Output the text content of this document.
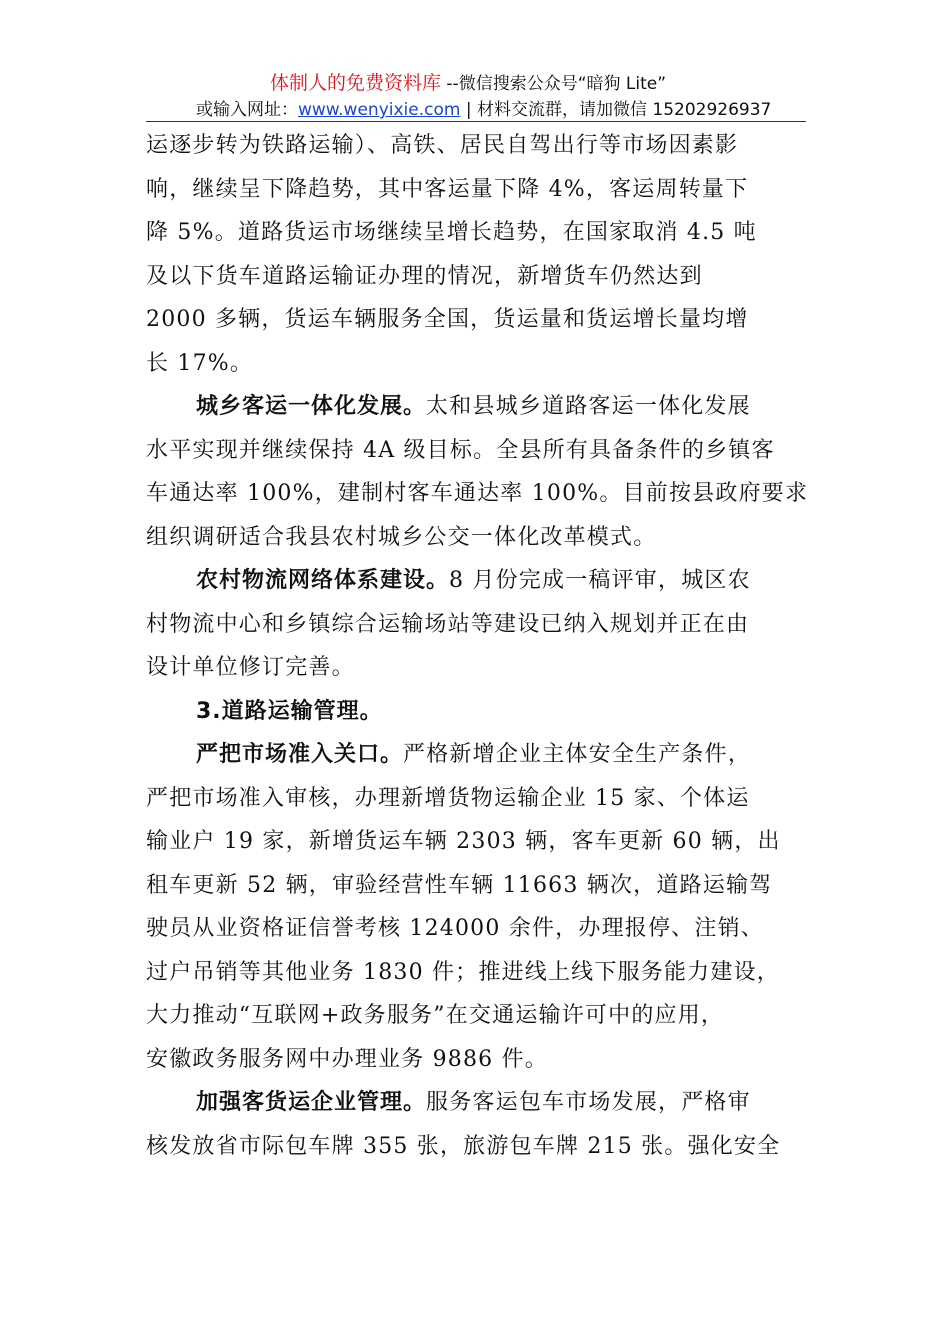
体制人的免费资料库 --微信搜索公众号“暗狗 Lite”
或输入网址：www.wenyixie.com | 材料交流群，请加微信 15202926937

运逐步转为铁路运输）、高铁、居民自驾出行等市场因素影
响，继续呈下降趋势，其中客运量下降 4%，客运周转量下
降 5%。道路货运市场继续呈增长趋势，在国家取消 4.5 吨
及以下货车道路运输证办理的情况，新增货车仍然达到
2000 多辆，货运车辆服务全国，货运量和货运增长量均增
长 17%。

城乡客运一体化发展。太和县城乡道路客运一体化发展
水平实现并继续保持 4A 级目标。全县所有具备条件的乡镇客
车通达率 100%，建制村客车通达率 100%。目前按县政府要求
组织调研适合我县农村城乡公交一体化改革模式。

农村物流网络体系建设。8 月份完成一稿评审，城区农
村物流中心和乡镇综合运输场站等建设已纳入规划并正在由
设计单位修订完善。

3.道路运输管理。

严把市场准入关口。严格新增企业主体安全生产条件，
严把市场准入审核，办理新增货物运输企业 15 家、个体运
输业户 19 家，新增货运车辆 2303 辆，客车更新 60 辆，出
租车更新 52 辆，审验经营性车辆 11663 辆次，道路运输驾
驶员从业资格证信誉考核 124000 余件，办理报停、注销、
过户吊销等其他业务 1830 件；推进线上线下服务能力建设，
大力推动“互联网+政务服务”在交通运输许可中的应用，
安徽政务服务网中办理业务 9886 件。

加强客货运企业管理。服务客运包车市场发展，严格审
核发放省市际包车牌 355 张，旅游包车牌 215 张。强化安全
